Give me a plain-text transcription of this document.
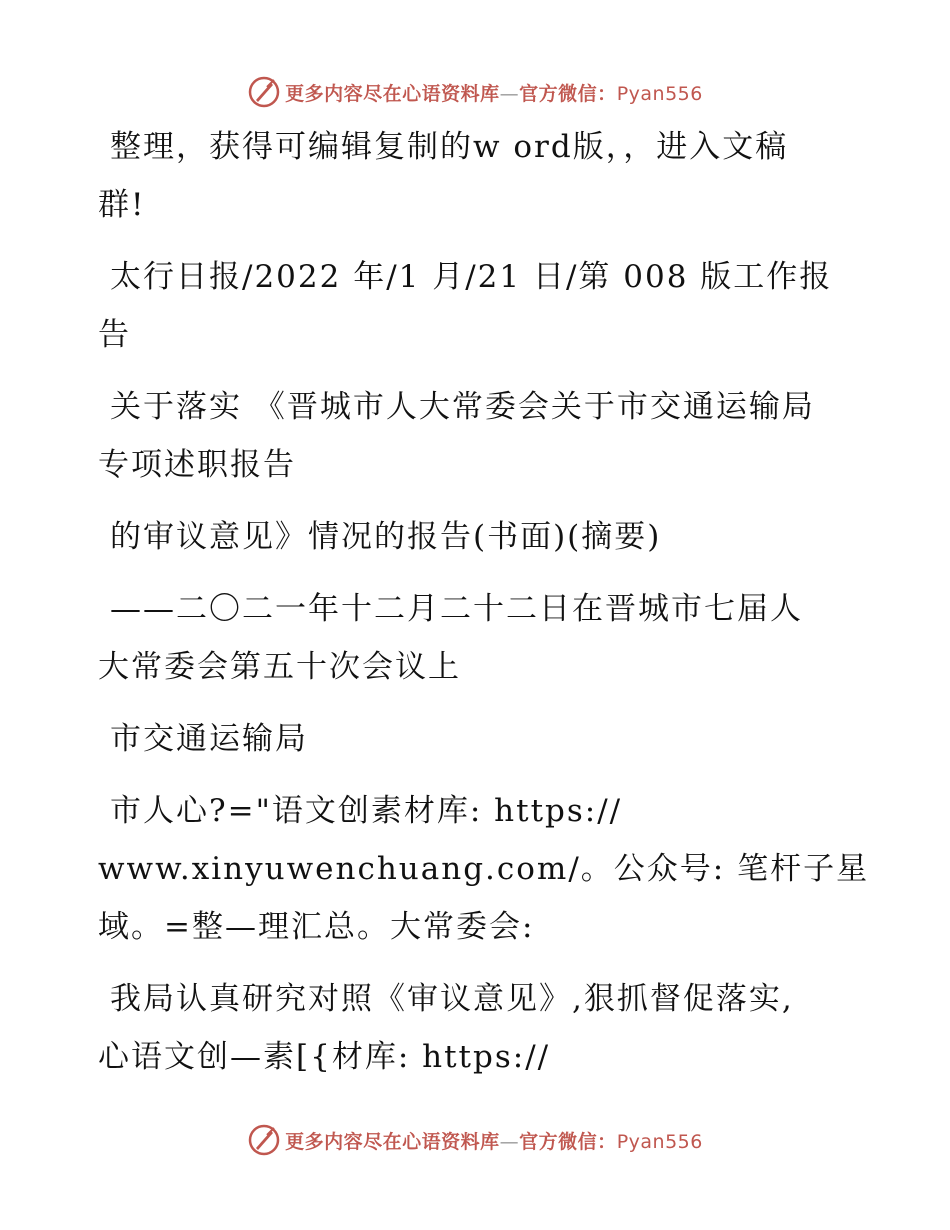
更多内容尽在心语资料库—官方微信：Pyan556
整理，获得可编辑复制的w ord版，，进入文稿
群!
太行日报/2022 年/1 月/21 日/第 008 版工作报
告
关于落实 《晋城市人大常委会关于市交通运输局
专项述职报告
的审议意见》情况的报告(书面)(摘要)
——二〇二一年十二月二十二日在晋城市七届人
大常委会第五十次会议上
市交通运输局
市人心?="语文创素材库: https://
www.xinyuwenchuang.com/。公众号: 笔杆子星
域。=整—理汇总。大常委会:
我局认真研究对照《审议意见》,狠抓督促落实,
心语文创—素[{材库: https://
更多内容尽在心语资料库—官方微信：Pyan556
